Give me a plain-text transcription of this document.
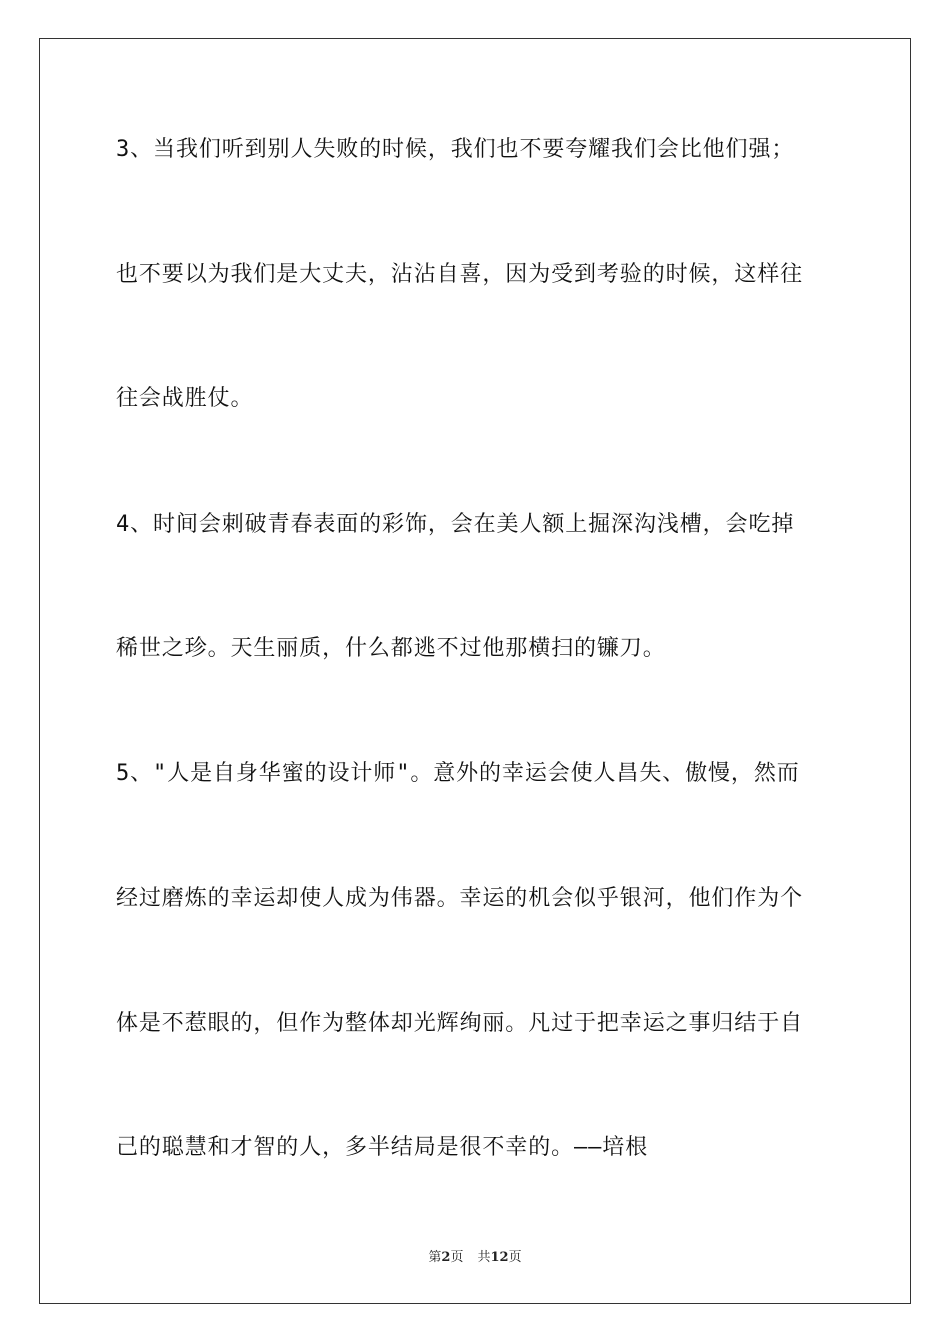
3、当我们听到别人失败的时候，我们也不要夸耀我们会比他们强；
也不要以为我们是大丈夫，沾沾自喜，因为受到考验的时候，这样往
往会战胜仗。
4、时间会刺破青春表面的彩饰，会在美人额上掘深沟浅槽，会吃掉
稀世之珍。天生丽质，什么都逃不过他那横扫的镰刀。
5、"人是自身华蜜的设计师"。意外的幸运会使人昌失、傲慢，然而
经过磨炼的幸运却使人成为伟器。幸运的机会似乎银河，他们作为个
体是不惹眼的，但作为整体却光辉绚丽。凡过于把幸运之事归结于自
己的聪慧和才智的人，多半结局是很不幸的。——培根
第2页 共12页
